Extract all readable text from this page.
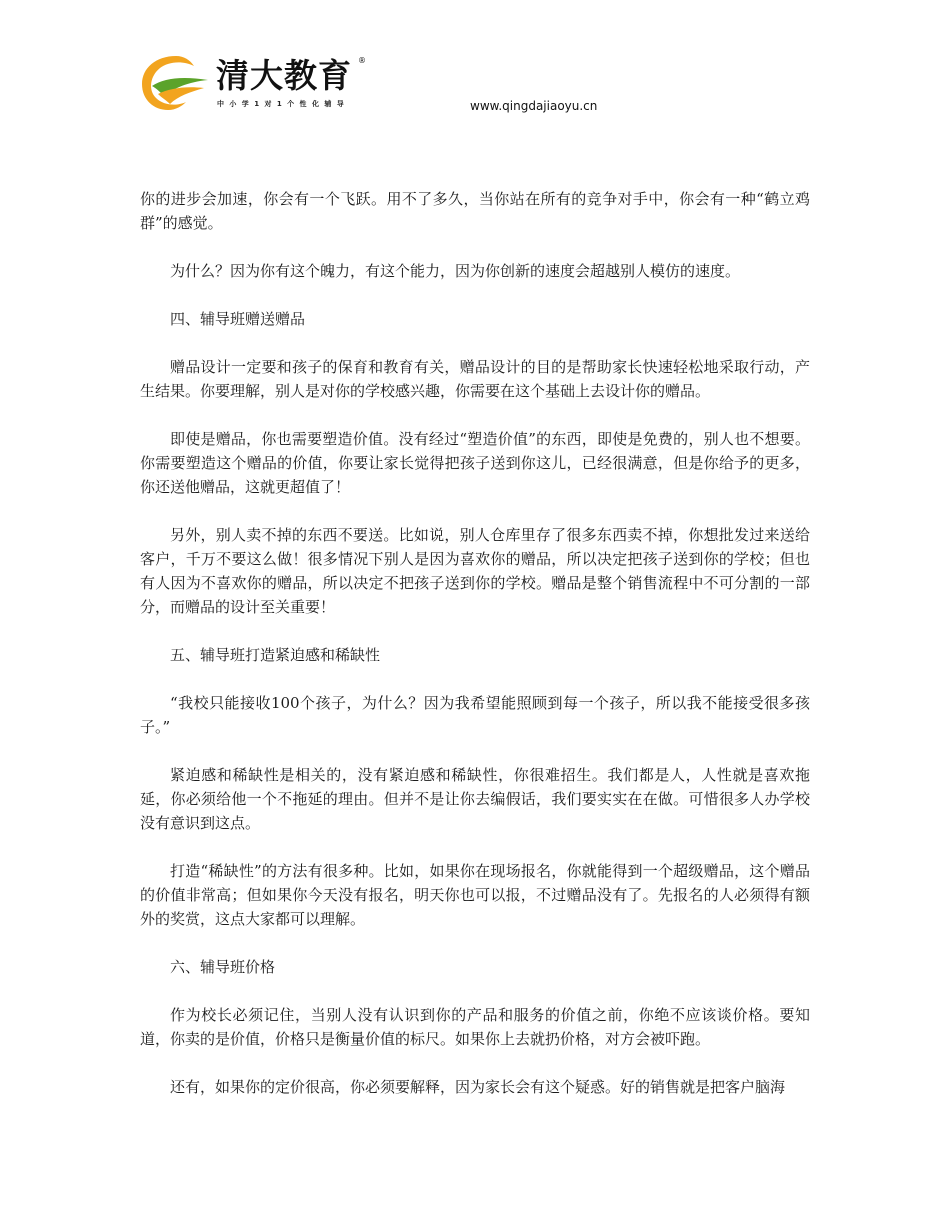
清大教育 ®
中小学1对1个性化辅导	www.qingdajiaoyu.cn

你的进步会加速，你会有一个飞跃。用不了多久，当你站在所有的竞争对手中，你会有一种“鹤立鸡群”的感觉。

为什么？因为你有这个魄力，有这个能力，因为你创新的速度会超越别人模仿的速度。

四、辅导班赠送赠品

赠品设计一定要和孩子的保育和教育有关，赠品设计的目的是帮助家长快速轻松地采取行动，产生结果。你要理解，别人是对你的学校感兴趣，你需要在这个基础上去设计你的赠品。

即使是赠品，你也需要塑造价值。没有经过“塑造价值”的东西，即使是免费的，别人也不想要。你需要塑造这个赠品的价值，你要让家长觉得把孩子送到你这儿，已经很满意，但是你给予的更多，你还送他赠品，这就更超值了！

另外，别人卖不掉的东西不要送。比如说，别人仓库里存了很多东西卖不掉，你想批发过来送给客户，千万不要这么做！很多情况下别人是因为喜欢你的赠品，所以决定把孩子送到你的学校；但也有人因为不喜欢你的赠品，所以决定不把孩子送到你的学校。赠品是整个销售流程中不可分割的一部分，而赠品的设计至关重要！

五、辅导班打造紧迫感和稀缺性

“我校只能接收100个孩子，为什么？因为我希望能照顾到每一个孩子，所以我不能接受很多孩子。”

紧迫感和稀缺性是相关的，没有紧迫感和稀缺性，你很难招生。我们都是人，人性就是喜欢拖延，你必须给他一个不拖延的理由。但并不是让你去编假话，我们要实实在在做。可惜很多人办学校没有意识到这点。

打造“稀缺性”的方法有很多种。比如，如果你在现场报名，你就能得到一个超级赠品，这个赠品的价值非常高；但如果你今天没有报名，明天你也可以报，不过赠品没有了。先报名的人必须得有额外的奖赏，这点大家都可以理解。

六、辅导班价格

作为校长必须记住，当别人没有认识到你的产品和服务的价值之前，你绝不应该谈价格。要知道，你卖的是价值，价格只是衡量价值的标尺。如果你上去就扔价格，对方会被吓跑。

还有，如果你的定价很高，你必须要解释，因为家长会有这个疑惑。好的销售就是把客户脑海
